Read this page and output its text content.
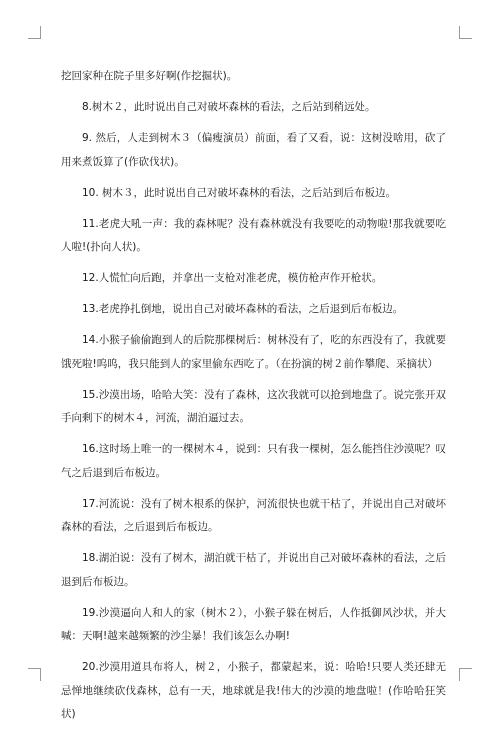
挖回家种在院子里多好啊(作挖掘状)。

8.树木２，此时说出自己对破坏森林的看法，之后站到稍远处。

9. 然后，人走到树木３（偏瘦演员）前面，看了又看，说：这树没啥用，砍了用来煮饭算了(作砍伐状)。

10. 树木３，此时说出自己对破坏森林的看法，之后站到后布板边。

11.老虎大吼一声：我的森林呢？没有森林就没有我要吃的动物啦!那我就要吃人啦!(扑向人状)。

12.人慌忙向后跑，并拿出一支枪对准老虎，模仿枪声作开枪状。

13.老虎挣扎倒地，说出自己对破坏森林的看法，之后退到后布板边。

14.小猴子偷偷跑到人的后院那棵树后：树林没有了，吃的东西没有了，我就要饿死啦!呜呜，我只能到人的家里偷东西吃了。（在扮演的树２前作攀爬、采摘状）

15.沙漠出场，哈哈大笑：没有了森林，这次我就可以抢到地盘了。说完张开双手向剩下的树木４，河流，湖泊逼过去。

16.这时场上唯一的一棵树木４，说到：只有我一棵树，怎么能挡住沙漠呢？叹气之后退到后布板边。

17.河流说：没有了树木根系的保护，河流很快也就干枯了，并说出自己对破坏森林的看法，之后退到后布板边。

18.湖泊说：没有了树木，湖泊就干枯了，并说出自己对破坏森林的看法，之后退到后布板边。

19.沙漠逼向人和人的家（树木２），小猴子躲在树后，人作抵御风沙状，并大喊：天啊!越来越频繁的沙尘暴！我们该怎么办啊!

20.沙漠用道具布将人，树２，小猴子，都蒙起来，说：哈哈!只要人类还肆无忌惮地继续砍伐森林，总有一天，地球就是我!伟大的沙漠的地盘啦！(作哈哈狂笑状)
